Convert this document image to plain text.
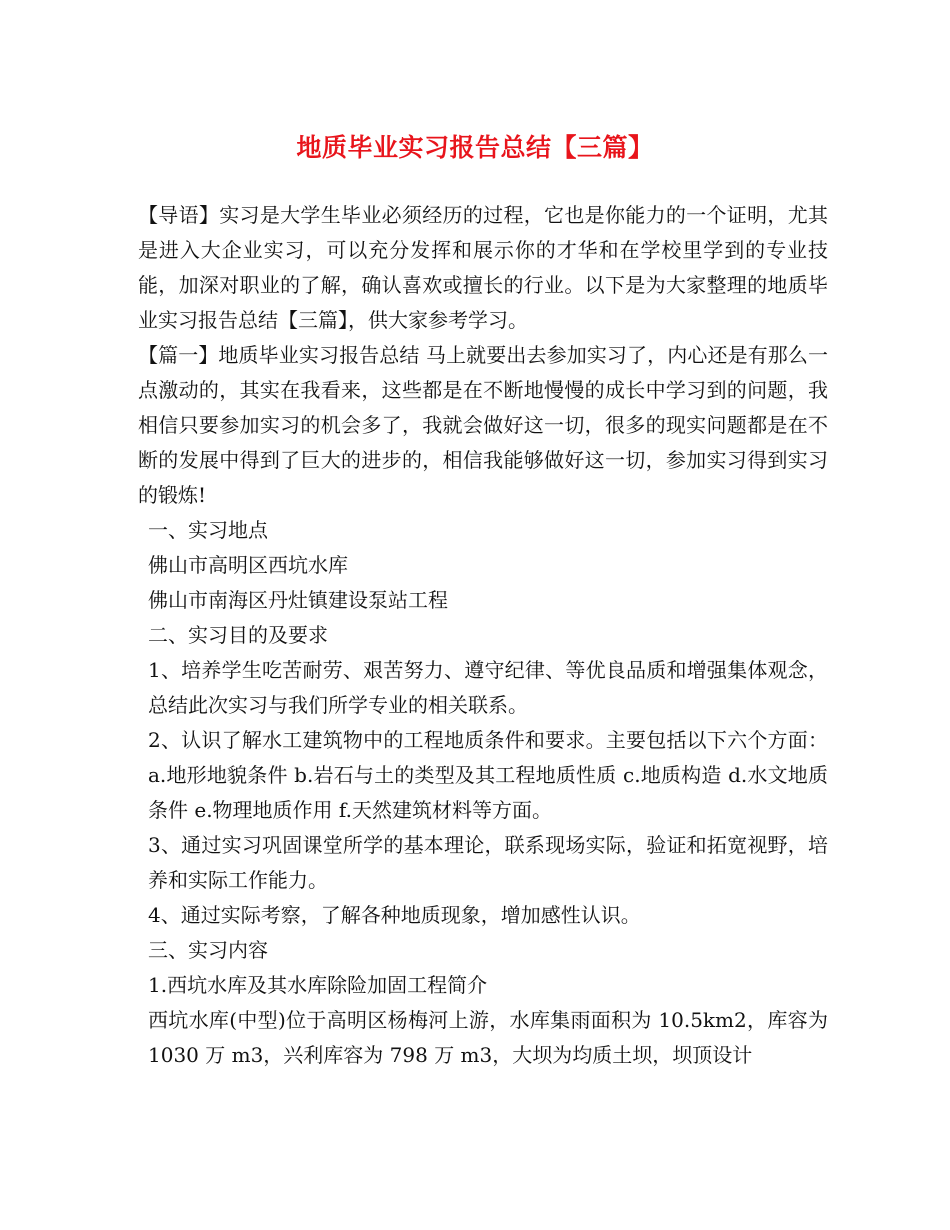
地质毕业实习报告总结【三篇】

【导语】实习是大学生毕业必须经历的过程，它也是你能力的一个证明，尤其是进入大企业实习，可以充分发挥和展示你的才华和在学校里学到的专业技能，加深对职业的了解，确认喜欢或擅长的行业。以下是为大家整理的地质毕业实习报告总结【三篇】，供大家参考学习。

【篇一】地质毕业实习报告总结 马上就要出去参加实习了，内心还是有那么一点激动的，其实在我看来，这些都是在不断地慢慢的成长中学习到的问题，我相信只要参加实习的机会多了，我就会做好这一切，很多的现实问题都是在不断的发展中得到了巨大的进步的，相信我能够做好这一切，参加实习得到实习的锻炼!

一、实习地点

佛山市高明区西坑水库

佛山市南海区丹灶镇建设泵站工程

二、实习目的及要求

1、培养学生吃苦耐劳、艰苦努力、遵守纪律、等优良品质和增强集体观念，总结此次实习与我们所学专业的相关联系。

2、认识了解水工建筑物中的工程地质条件和要求。主要包括以下六个方面：a.地形地貌条件 b.岩石与土的类型及其工程地质性质 c.地质构造 d.水文地质条件 e.物理地质作用 f.天然建筑材料等方面。

3、通过实习巩固课堂所学的基本理论，联系现场实际，验证和拓宽视野，培养和实际工作能力。

4、通过实际考察，了解各种地质现象，增加感性认识。

三、实习内容

1.西坑水库及其水库除险加固工程简介

西坑水库(中型)位于高明区杨梅河上游，水库集雨面积为 10.5km2，库容为 1030 万 m3，兴利库容为 798 万 m3，大坝为均质土坝，坝顶设计
